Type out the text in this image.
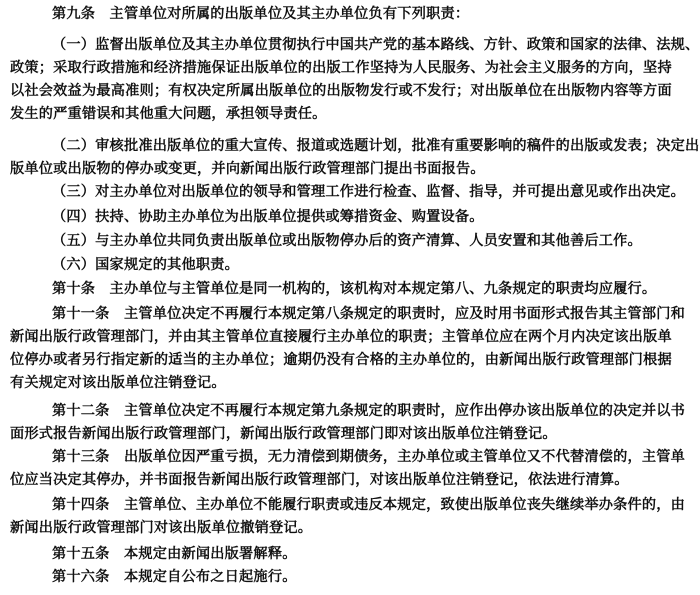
第九条　主管单位对所属的出版单位及其主办单位负有下列职责：
（一）监督出版单位及其主办单位贯彻执行中国共产党的基本路线、方针、政策和国家的法律、法规、
政策；采取行政措施和经济措施保证出版单位的出版工作坚持为人民服务、为社会主义服务的方向，坚持
以社会效益为最高准则；有权决定所属出版单位的出版物发行或不发行；对出版单位在出版物内容等方面
发生的严重错误和其他重大问题，承担领导责任。
（二）审核批准出版单位的重大宣传、报道或选题计划，批准有重要影响的稿件的出版或发表；决定出
版单位或出版物的停办或变更，并向新闻出版行政管理部门提出书面报告。
（三）对主办单位对出版单位的领导和管理工作进行检查、监督、指导，并可提出意见或作出决定。
（四）扶持、协助主办单位为出版单位提供或筹措资金、购置设备。
（五）与主办单位共同负责出版单位或出版物停办后的资产清算、人员安置和其他善后工作。
（六）国家规定的其他职责。
第十条　主办单位与主管单位是同一机构的，该机构对本规定第八、九条规定的职责均应履行。
第十一条　主管单位决定不再履行本规定第八条规定的职责时，应及时用书面形式报告其主管部门和
新闻出版行政管理部门，并由其主管单位直接履行主办单位的职责；主管单位应在两个月内决定该出版单
位停办或者另行指定新的适当的主办单位；逾期仍没有合格的主办单位的，由新闻出版行政管理部门根据
有关规定对该出版单位注销登记。
第十二条　主管单位决定不再履行本规定第九条规定的职责时，应作出停办该出版单位的决定并以书
面形式报告新闻出版行政管理部门，新闻出版行政管理部门即对该出版单位注销登记。
第十三条　出版单位因严重亏损，无力清偿到期债务，主办单位或主管单位又不代替清偿的，主管单
位应当决定其停办，并书面报告新闻出版行政管理部门，对该出版单位注销登记，依法进行清算。
第十四条　主管单位、主办单位不能履行职责或违反本规定，致使出版单位丧失继续举办条件的，由
新闻出版行政管理部门对该出版单位撤销登记。
第十五条　本规定由新闻出版署解释。
第十六条　本规定自公布之日起施行。
